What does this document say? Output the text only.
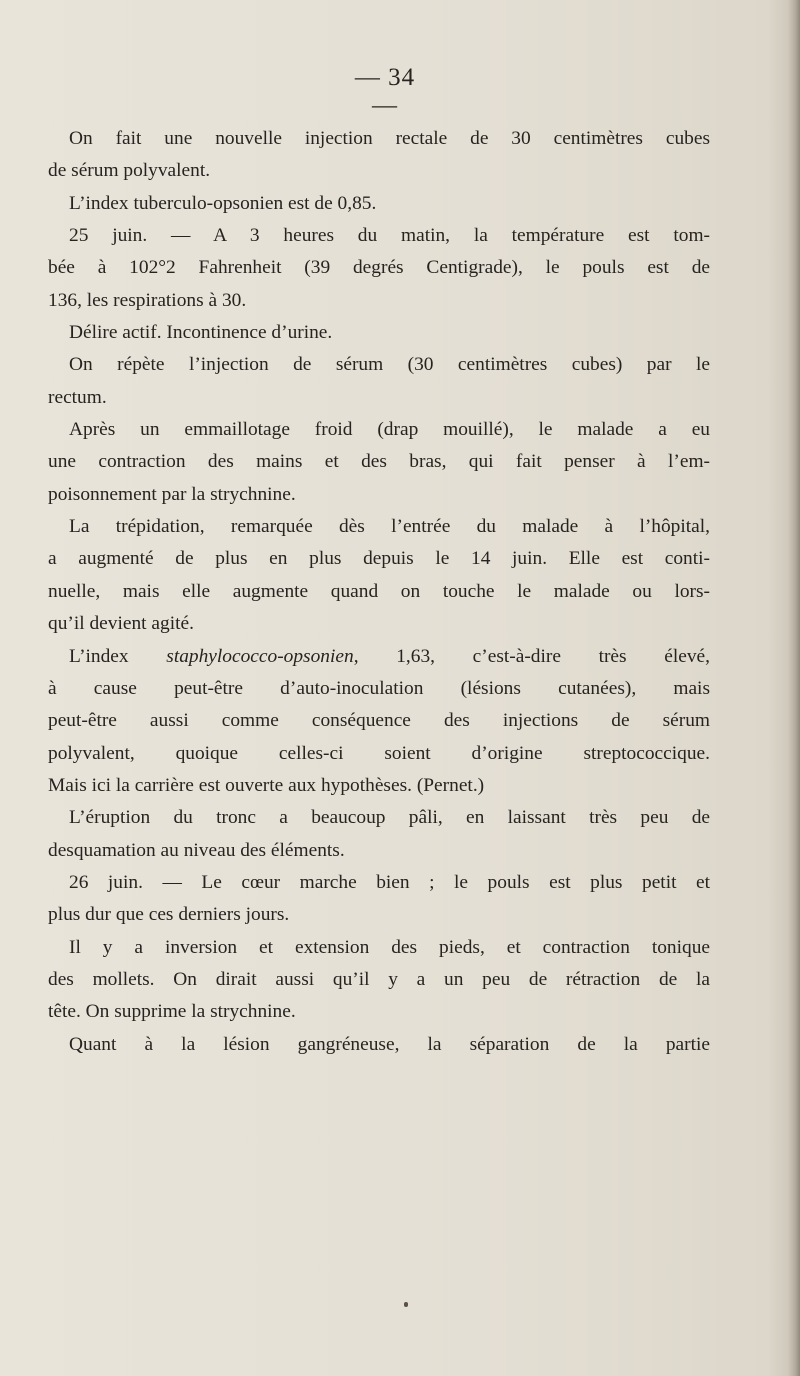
— 34 —
On fait une nouvelle injection rectale de 30 centimètres cubes
de sérum polyvalent.
L’index tuberculo-opsonien est de 0,85.
25 juin. — A 3 heures du matin, la température est tom-
bée à 102°2 Fahrenheit (39 degrés Centigrade), le pouls est de
136, les respirations à 30.
Délire actif. Incontinence d’urine.
On répète l’injection de sérum (30 centimètres cubes) par le
rectum.
Après un emmaillotage froid (drap mouillé), le malade a eu
une contraction des mains et des bras, qui fait penser à l’em-
poisonnement par la strychnine.
La trépidation, remarquée dès l’entrée du malade à l’hôpital,
a augmenté de plus en plus depuis le 14 juin. Elle est conti-
nuelle, mais elle augmente quand on touche le malade ou lors-
qu’il devient agité.
L’index staphylococco-opsonien, 1,63, c’est-à-dire très élevé,
à cause peut-être d’auto-inoculation (lésions cutanées), mais
peut-être aussi comme conséquence des injections de sérum
polyvalent, quoique celles-ci soient d’origine streptococcique.
Mais ici la carrière est ouverte aux hypothèses. (Pernet.)
L’éruption du tronc a beaucoup pâli, en laissant très peu de
desquamation au niveau des éléments.
26 juin. — Le cœur marche bien ; le pouls est plus petit et
plus dur que ces derniers jours.
Il y a inversion et extension des pieds, et contraction tonique
des mollets. On dirait aussi qu’il y a un peu de rétraction de la
tête. On supprime la strychnine.
Quant à la lésion gangréneuse, la séparation de la partie
